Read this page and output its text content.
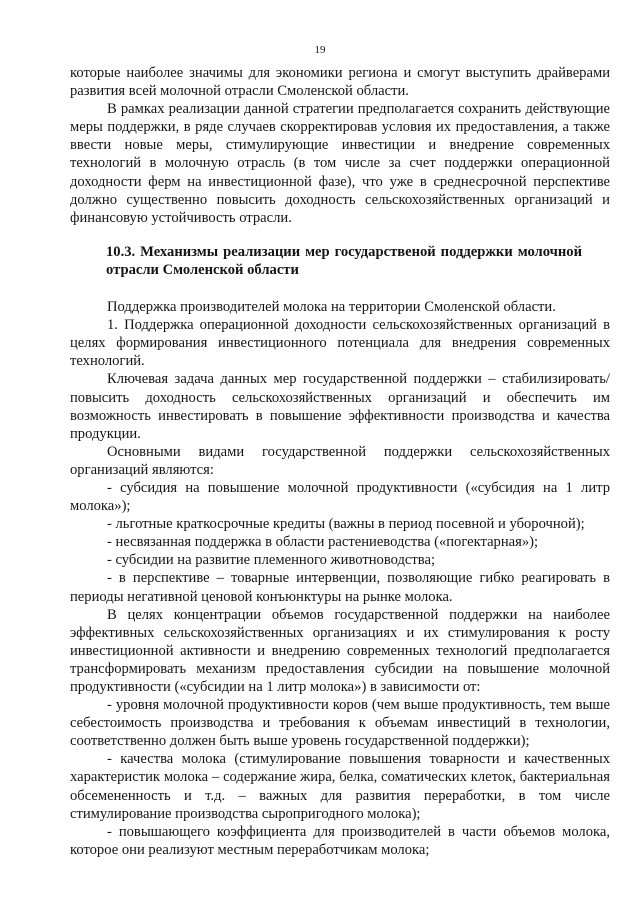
19

которые наиболее значимы для экономики региона и смогут выступить драйверами развития всей молочной отрасли Смоленской области.

В рамках реализации данной стратегии предполагается сохранить действующие меры поддержки, в ряде случаев скорректировав условия их предоставления, а также ввести новые меры, стимулирующие инвестиции и внедрение современных технологий в молочную отрасль (в том числе за счет поддержки операционной доходности ферм на инвестиционной фазе), что уже в среднесрочной перспективе должно существенно повысить доходность сельскохозяйственных организаций и финансовую устойчивость отрасли.

10.3. Механизмы реализации мер государственой поддержки молочной отрасли Смоленской области

Поддержка производителей молока на территории Смоленской области.

1. Поддержка операционной доходности сельскохозяйственных организаций в целях формирования инвестиционного потенциала для внедрения современных технологий.

Ключевая задача данных мер государственной поддержки – стабилизировать/повысить доходность сельскохозяйственных организаций и обеспечить им возможность инвестировать в повышение эффективности производства и качества продукции.

Основными видами государственной поддержки сельскохозяйственных организаций являются:

- субсидия на повышение молочной продуктивности («субсидия на 1 литр молока»);

- льготные краткосрочные кредиты (важны в период посевной и уборочной);

- несвязанная поддержка в области растениеводства («погектарная»);

- субсидии на развитие племенного животноводства;

- в перспективе – товарные интервенции, позволяющие гибко реагировать в периоды негативной ценовой конъюнктуры на рынке молока.

В целях концентрации объемов государственной поддержки на наиболее эффективных сельскохозяйственных организациях и их стимулирования к росту инвестиционной активности и внедрению современных технологий предполагается трансформировать механизм предоставления субсидии на повышение молочной продуктивности («субсидии на 1 литр молока») в зависимости от:

- уровня молочной продуктивности коров (чем выше продуктивность, тем выше себестоимость производства и требования к объемам инвестиций в технологии, соответственно должен быть выше уровень государственной поддержки);

- качества молока (стимулирование повышения товарности и качественных характеристик молока – содержание жира, белка, соматических клеток, бактериальная обсемененность и т.д. – важных для развития переработки, в том числе стимулирование производства сыропригодного молока);

- повышающего коэффициента для производителей в части объемов молока, которое они реализуют местным переработчикам молока;
